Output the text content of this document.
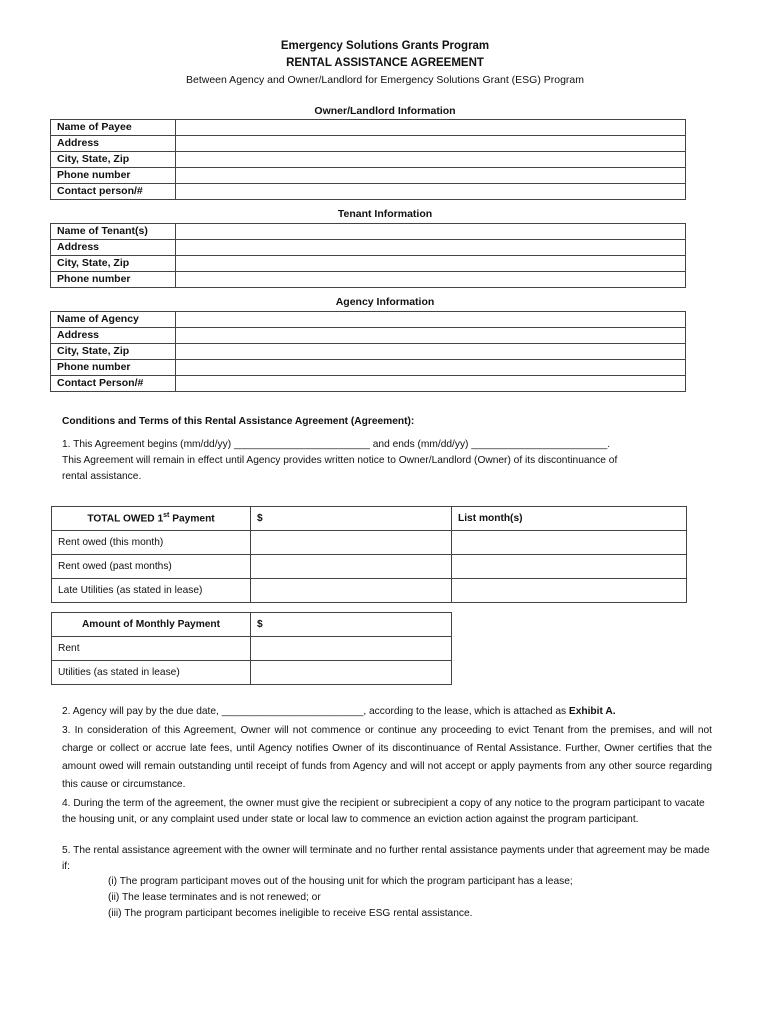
Emergency Solutions Grants Program
RENTAL ASSISTANCE AGREEMENT
Between Agency and Owner/Landlord for Emergency Solutions Grant (ESG) Program
Owner/Landlord Information
Name of Payee	

Address	

City, State, Zip	

Phone number	

Contact person/#	

Tenant Information
Name of Tenant(s)	

Address	

City, State, Zip	

Phone number	

Agency Information
Name of Agency	

Address	

City, State, Zip	

Phone number	

Contact Person/#	

Conditions and Terms of this Rental Assistance Agreement (Agreement):
1. This Agreement begins (mm/dd/yy) ________________________ and ends (mm/dd/yy) ________________________.
This Agreement will remain in effect until Agency provides written notice to Owner/Landlord (Owner) of its discontinuance of
rental assistance.
TOTAL OWED 1st Payment	$	List month(s)
Rent owed (this month)		
Rent owed (past months)		
Late Utilities (as stated in lease)		
Amount of Monthly Payment	$
Rent	
Utilities (as stated in lease)	
2. Agency will pay by the due date, _________________________, according to the lease, which is attached as Exhibit A.
3. In consideration of this Agreement, Owner will not commence or continue any proceeding to evict Tenant from the premises, and will not charge or collect or accrue late fees, until Agency notifies Owner of its discontinuance of Rental Assistance. Further, Owner certifies that the amount owed will remain outstanding until receipt of funds from Agency and will not accept or apply payments from any other source regarding this cause or circumstance.
4. During the term of the agreement, the owner must give the recipient or subrecipient a copy of any notice to the program participant to vacate the housing unit, or any complaint used under state or local law to commence an eviction action against the program participant.
5. The rental assistance agreement with the owner will terminate and no further rental assistance payments under that agreement may be made if:
(i) The program participant moves out of the housing unit for which the program participant has a lease;
(ii) The lease terminates and is not renewed; or
(iii) The program participant becomes ineligible to receive ESG rental assistance.
